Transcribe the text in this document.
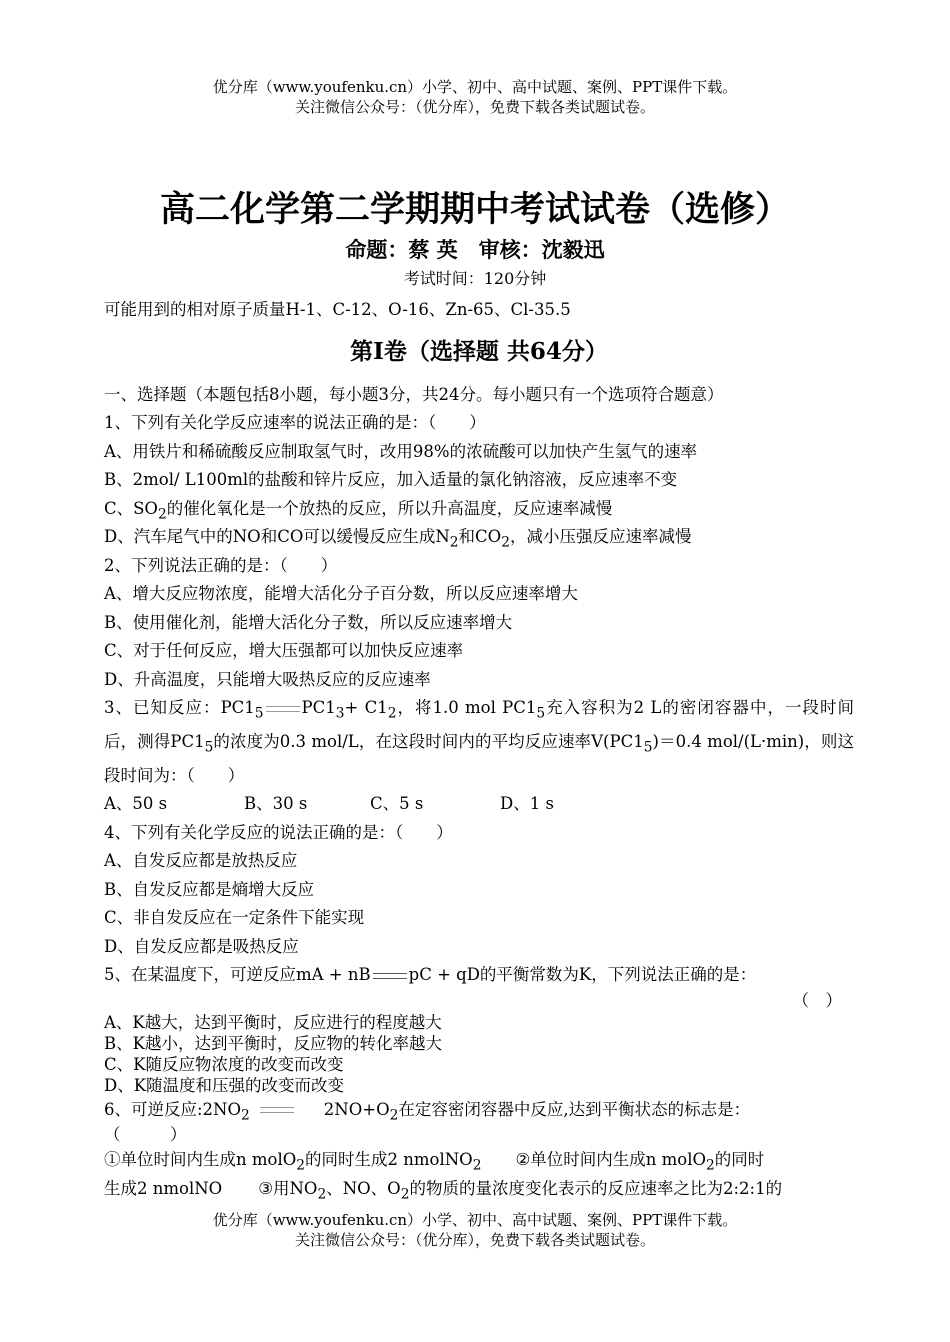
优分库（www.youfenku.cn）小学、初中、高中试题、案例、PPT课件下载。
关注微信公众号：（优分库），免费下载各类试题试卷。
高二化学第二学期期中考试试卷（选修）
命题：蔡 英　审核：沈毅迅
考试时间：120分钟
可能用到的相对原子质量H-1、C-12、O-16、Zn-65、Cl-35.5
第Ⅰ卷（选择题 共64分）
一、选择题（本题包括8小题，每小题3分，共24分。每小题只有一个选项符合题意）
1、下列有关化学反应速率的说法正确的是：（　　）
A、用铁片和稀硫酸反应制取氢气时，改用98%的浓硫酸可以加快产生氢气的速率
B、2mol/ L100ml的盐酸和锌片反应，加入适量的氯化钠溶液，反应速率不变
C、$SO_2$的催化氧化是一个放热的反应，所以升高温度，反应速率减慢
D、汽车尾气中的NO和CO可以缓慢反应生成$N_2$和$CO_2$，减小压强反应速率减慢
2、下列说法正确的是：（　　）
A、增大反应物浓度，能增大活化分子百分数，所以反应速率增大
B、使用催化剂，能增大活化分子数，所以反应速率增大
C、对于任何反应，增大压强都可以加快反应速率
D、升高温度，只能增大吸热反应的反应速率
3、已知反应：$PC1_5$ $PC1_3+ C1_2$，将1.0 mol $PC1_5$充入容积为2 L的密闭容器中，一段时间后，测得$PC1_5$的浓度为0.3 mol/L，在这段时间内的平均反应速率$V(PC1_5)=0.4$ mol/(L·min)，则这段时间为：（　　）
A、50 s	B、30 s	C、5 s	D、1 s
4、下列有关化学反应的说法正确的是：（　　）
A、自发反应都是放热反应
B、自发反应都是熵增大反应
C、非自发反应在一定条件下能实现
D、自发反应都是吸热反应
5、在某温度下，可逆反应mA + nB pC + qD的平衡常数为K，下列说法正确的是：
（　）
A、K越大，达到平衡时，反应进行的程度越大
B、K越小，达到平衡时，反应物的转化率越大
C、K随反应物浓度的改变而改变
D、K随温度和压强的改变而改变
6、可逆反应$:2NO_2$	$2NO+O_2$在定容密闭容器中反应,达到平衡状态的标志是：
（　　　）
①单位时间内生成n molO$_2$的同时生成2 nmolNO$_2$ ②单位时间内生成n molO$_2$的同时
生成2 nmolNO ③用$NO_2$、NO、$O_2$的物质的量浓度变化表示的反应速率之比为2:2:1的
优分库（www.youfenku.cn）小学、初中、高中试题、案例、PPT课件下载。
关注微信公众号：（优分库），免费下载各类试题试卷。
